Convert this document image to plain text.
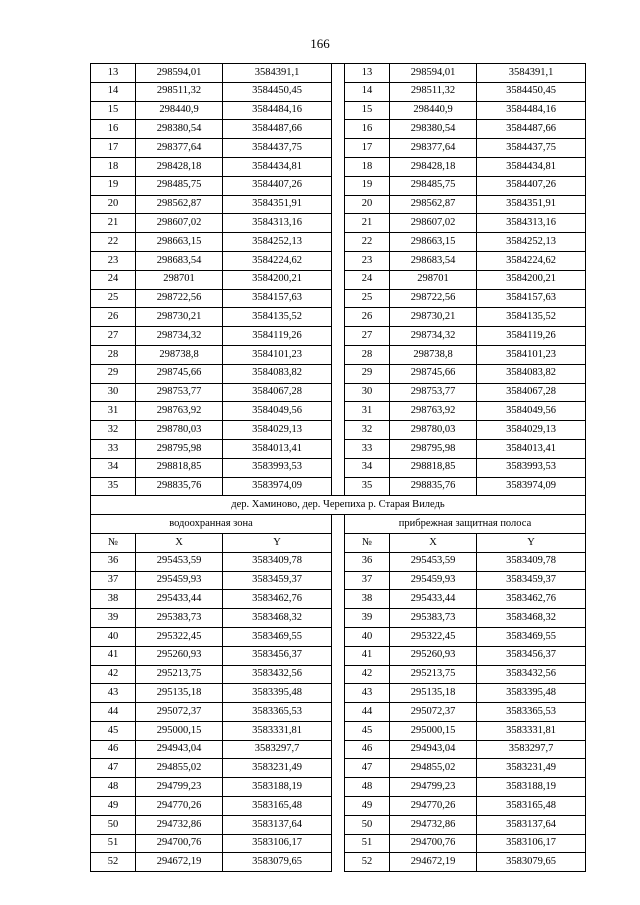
166
13	298594,01	3584391,1		13	298594,01	3584391,1
14	298511,32	3584450,45		14	298511,32	3584450,45
15	298440,9	3584484,16		15	298440,9	3584484,16
16	298380,54	3584487,66		16	298380,54	3584487,66
17	298377,64	3584437,75		17	298377,64	3584437,75
18	298428,18	3584434,81		18	298428,18	3584434,81
19	298485,75	3584407,26		19	298485,75	3584407,26
20	298562,87	3584351,91		20	298562,87	3584351,91
21	298607,02	3584313,16		21	298607,02	3584313,16
22	298663,15	3584252,13		22	298663,15	3584252,13
23	298683,54	3584224,62		23	298683,54	3584224,62
24	298701	3584200,21		24	298701	3584200,21
25	298722,56	3584157,63		25	298722,56	3584157,63
26	298730,21	3584135,52		26	298730,21	3584135,52
27	298734,32	3584119,26		27	298734,32	3584119,26
28	298738,8	3584101,23		28	298738,8	3584101,23
29	298745,66	3584083,82		29	298745,66	3584083,82
30	298753,77	3584067,28		30	298753,77	3584067,28
31	298763,92	3584049,56		31	298763,92	3584049,56
32	298780,03	3584029,13		32	298780,03	3584029,13
33	298795,98	3584013,41		33	298795,98	3584013,41
34	298818,85	3583993,53		34	298818,85	3583993,53
35	298835,76	3583974,09		35	298835,76	3583974,09
дер. Хаминово, дер. Черепиха р. Старая Виледь						
водоохранная зона				прибрежная защитная полоса		
№	X	Y		№	X	Y
36	295453,59	3583409,78		36	295453,59	3583409,78
37	295459,93	3583459,37		37	295459,93	3583459,37
38	295433,44	3583462,76		38	295433,44	3583462,76
39	295383,73	3583468,32		39	295383,73	3583468,32
40	295322,45	3583469,55		40	295322,45	3583469,55
41	295260,93	3583456,37		41	295260,93	3583456,37
42	295213,75	3583432,56		42	295213,75	3583432,56
43	295135,18	3583395,48		43	295135,18	3583395,48
44	295072,37	3583365,53		44	295072,37	3583365,53
45	295000,15	3583331,81		45	295000,15	3583331,81
46	294943,04	3583297,7		46	294943,04	3583297,7
47	294855,02	3583231,49		47	294855,02	3583231,49
48	294799,23	3583188,19		48	294799,23	3583188,19
49	294770,26	3583165,48		49	294770,26	3583165,48
50	294732,86	3583137,64		50	294732,86	3583137,64
51	294700,76	3583106,17		51	294700,76	3583106,17
52	294672,19	3583079,65		52	294672,19	3583079,65
